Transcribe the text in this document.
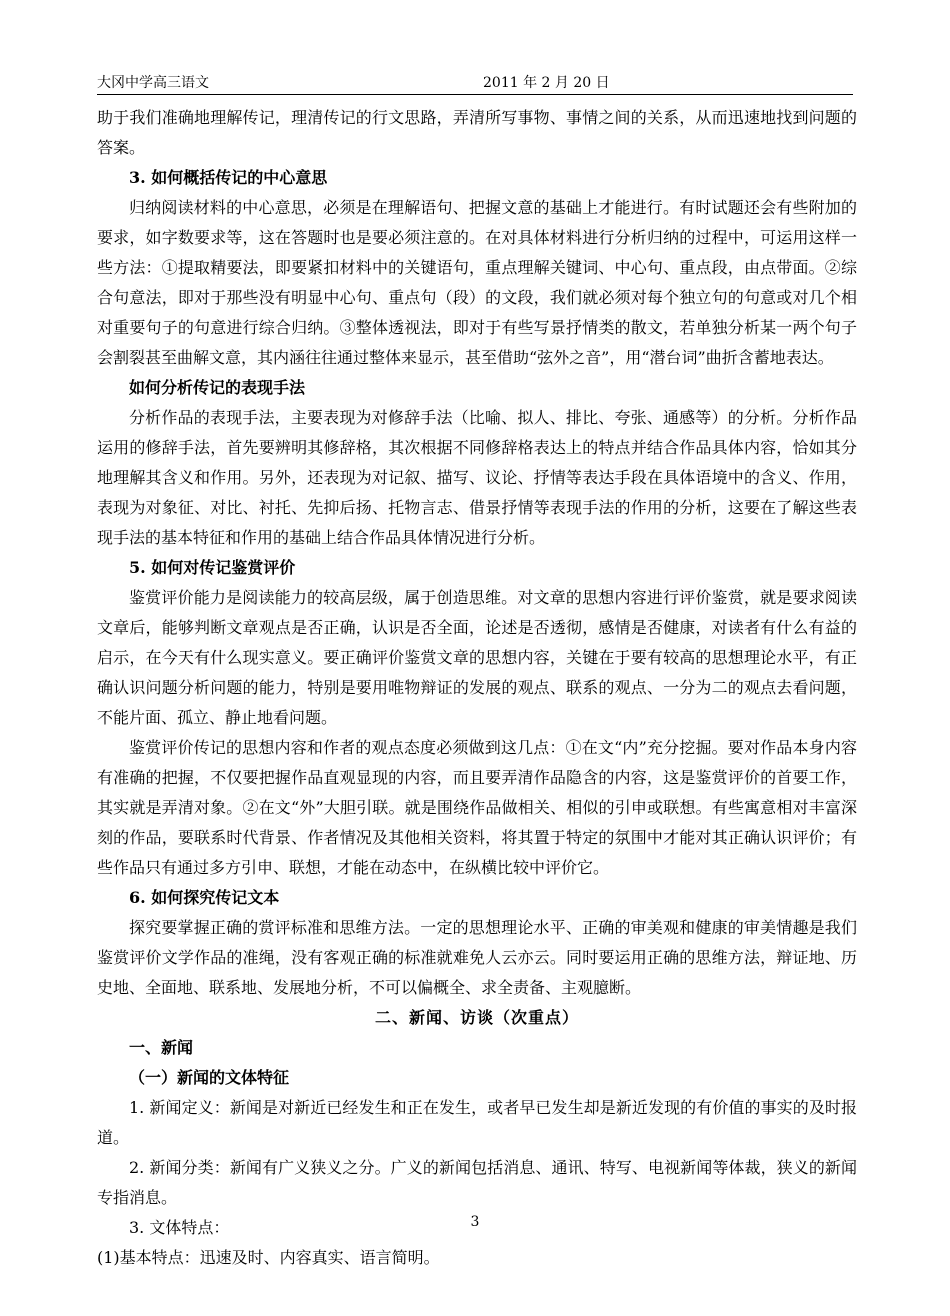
大冈中学高三语文	2011 年 2 月 20 日

助于我们准确地理解传记，理清传记的行文思路，弄清所写事物、事情之间的关系，从而迅速地找到问题的答案。

3. 如何概括传记的中心意思

归纳阅读材料的中心意思，必须是在理解语句、把握文意的基础上才能进行。有时试题还会有些附加的要求，如字数要求等，这在答题时也是要必须注意的。在对具体材料进行分析归纳的过程中，可运用这样一些方法：①提取精要法，即要紧扣材料中的关键语句，重点理解关键词、中心句、重点段，由点带面。②综合句意法，即对于那些没有明显中心句、重点句（段）的文段，我们就必须对每个独立句的句意或对几个相对重要句子的句意进行综合归纳。③整体透视法，即对于有些写景抒情类的散文，若单独分析某一两个句子会割裂甚至曲解文意，其内涵往往通过整体来显示，甚至借助“弦外之音”，用“潜台词”曲折含蓄地表达。

如何分析传记的表现手法

分析作品的表现手法，主要表现为对修辞手法（比喻、拟人、排比、夸张、通感等）的分析。分析作品运用的修辞手法，首先要辨明其修辞格，其次根据不同修辞格表达上的特点并结合作品具体内容，恰如其分地理解其含义和作用。另外，还表现为对记叙、描写、议论、抒情等表达手段在具体语境中的含义、作用，表现为对象征、对比、衬托、先抑后扬、托物言志、借景抒情等表现手法的作用的分析，这要在了解这些表现手法的基本特征和作用的基础上结合作品具体情况进行分析。

5. 如何对传记鉴赏评价

鉴赏评价能力是阅读能力的较高层级，属于创造思维。对文章的思想内容进行评价鉴赏，就是要求阅读文章后，能够判断文章观点是否正确，认识是否全面，论述是否透彻，感情是否健康，对读者有什么有益的启示，在今天有什么现实意义。要正确评价鉴赏文章的思想内容，关键在于要有较高的思想理论水平，有正确认识问题分析问题的能力，特别是要用唯物辩证的发展的观点、联系的观点、一分为二的观点去看问题，不能片面、孤立、静止地看问题。

鉴赏评价传记的思想内容和作者的观点态度必须做到这几点：①在文“内”充分挖掘。要对作品本身内容有准确的把握，不仅要把握作品直观显现的内容，而且要弄清作品隐含的内容，这是鉴赏评价的首要工作，其实就是弄清对象。②在文“外”大胆引联。就是围绕作品做相关、相似的引申或联想。有些寓意相对丰富深刻的作品，要联系时代背景、作者情况及其他相关资料，将其置于特定的氛围中才能对其正确认识评价；有些作品只有通过多方引申、联想，才能在动态中，在纵横比较中评价它。

6. 如何探究传记文本

探究要掌握正确的赏评标准和思维方法。一定的思想理论水平、正确的审美观和健康的审美情趣是我们鉴赏评价文学作品的准绳，没有客观正确的标准就难免人云亦云。同时要运用正确的思维方法，辩证地、历史地、全面地、联系地、发展地分析，不可以偏概全、求全责备、主观臆断。

二、新闻、访谈（次重点）
一、新闻
（一）新闻的文体特征

1. 新闻定义：新闻是对新近已经发生和正在发生，或者早已发生却是新近发现的有价值的事实的及时报道。

2. 新闻分类：新闻有广义狭义之分。广义的新闻包括消息、通讯、特写、电视新闻等体裁，狭义的新闻专指消息。

3. 文体特点：

(1)基本特点：迅速及时、内容真实、语言简明。

3
